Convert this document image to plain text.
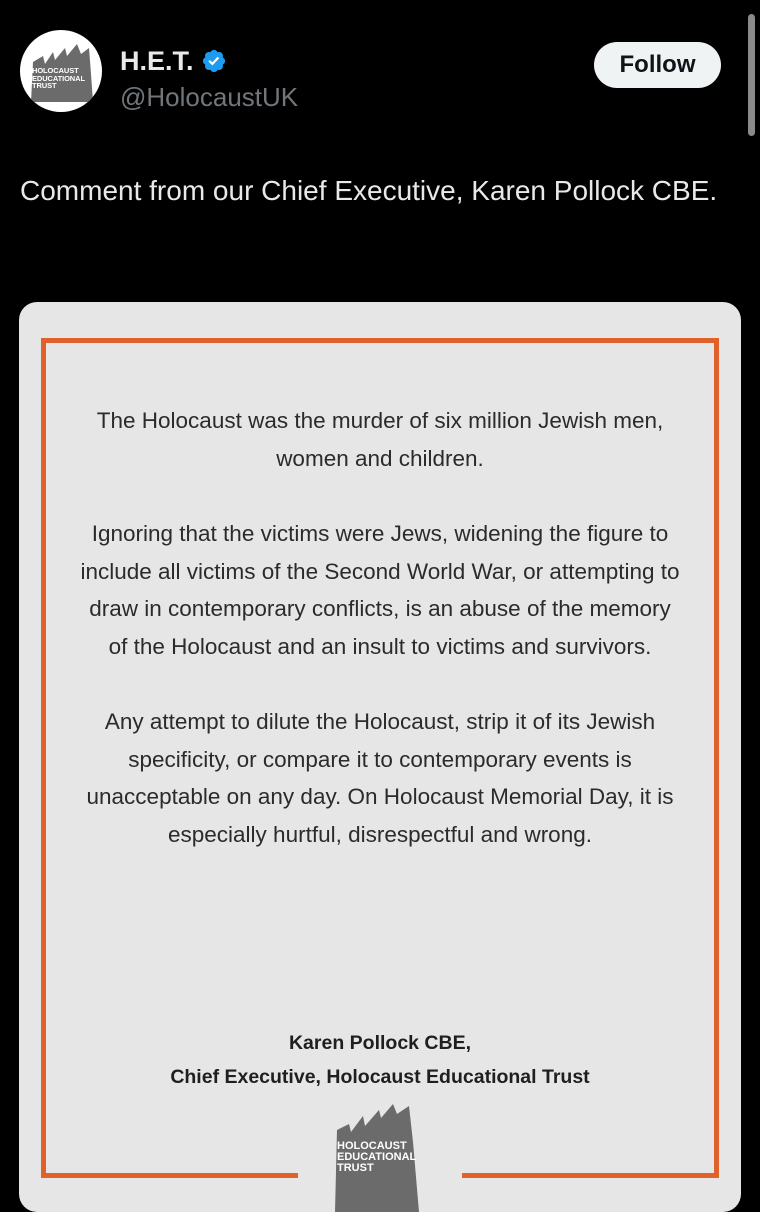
HOLOCAUST
EDUCATIONAL
TRUST
H.E.T.
@HolocaustUK
Follow

Comment from our Chief Executive, Karen Pollock CBE.

The Holocaust was the murder of six million Jewish men, women and children.

Ignoring that the victims were Jews, widening the figure to include all victims of the Second World War, or attempting to draw in contemporary conflicts, is an abuse of the memory of the Holocaust and an insult to victims and survivors.

Any attempt to dilute the Holocaust, strip it of its Jewish specificity, or compare it to contemporary events is unacceptable on any day. On Holocaust Memorial Day, it is especially hurtful, disrespectful and wrong.

Karen Pollock CBE,
Chief Executive, Holocaust Educational Trust
HOLOCAUST
EDUCATIONAL
TRUST
